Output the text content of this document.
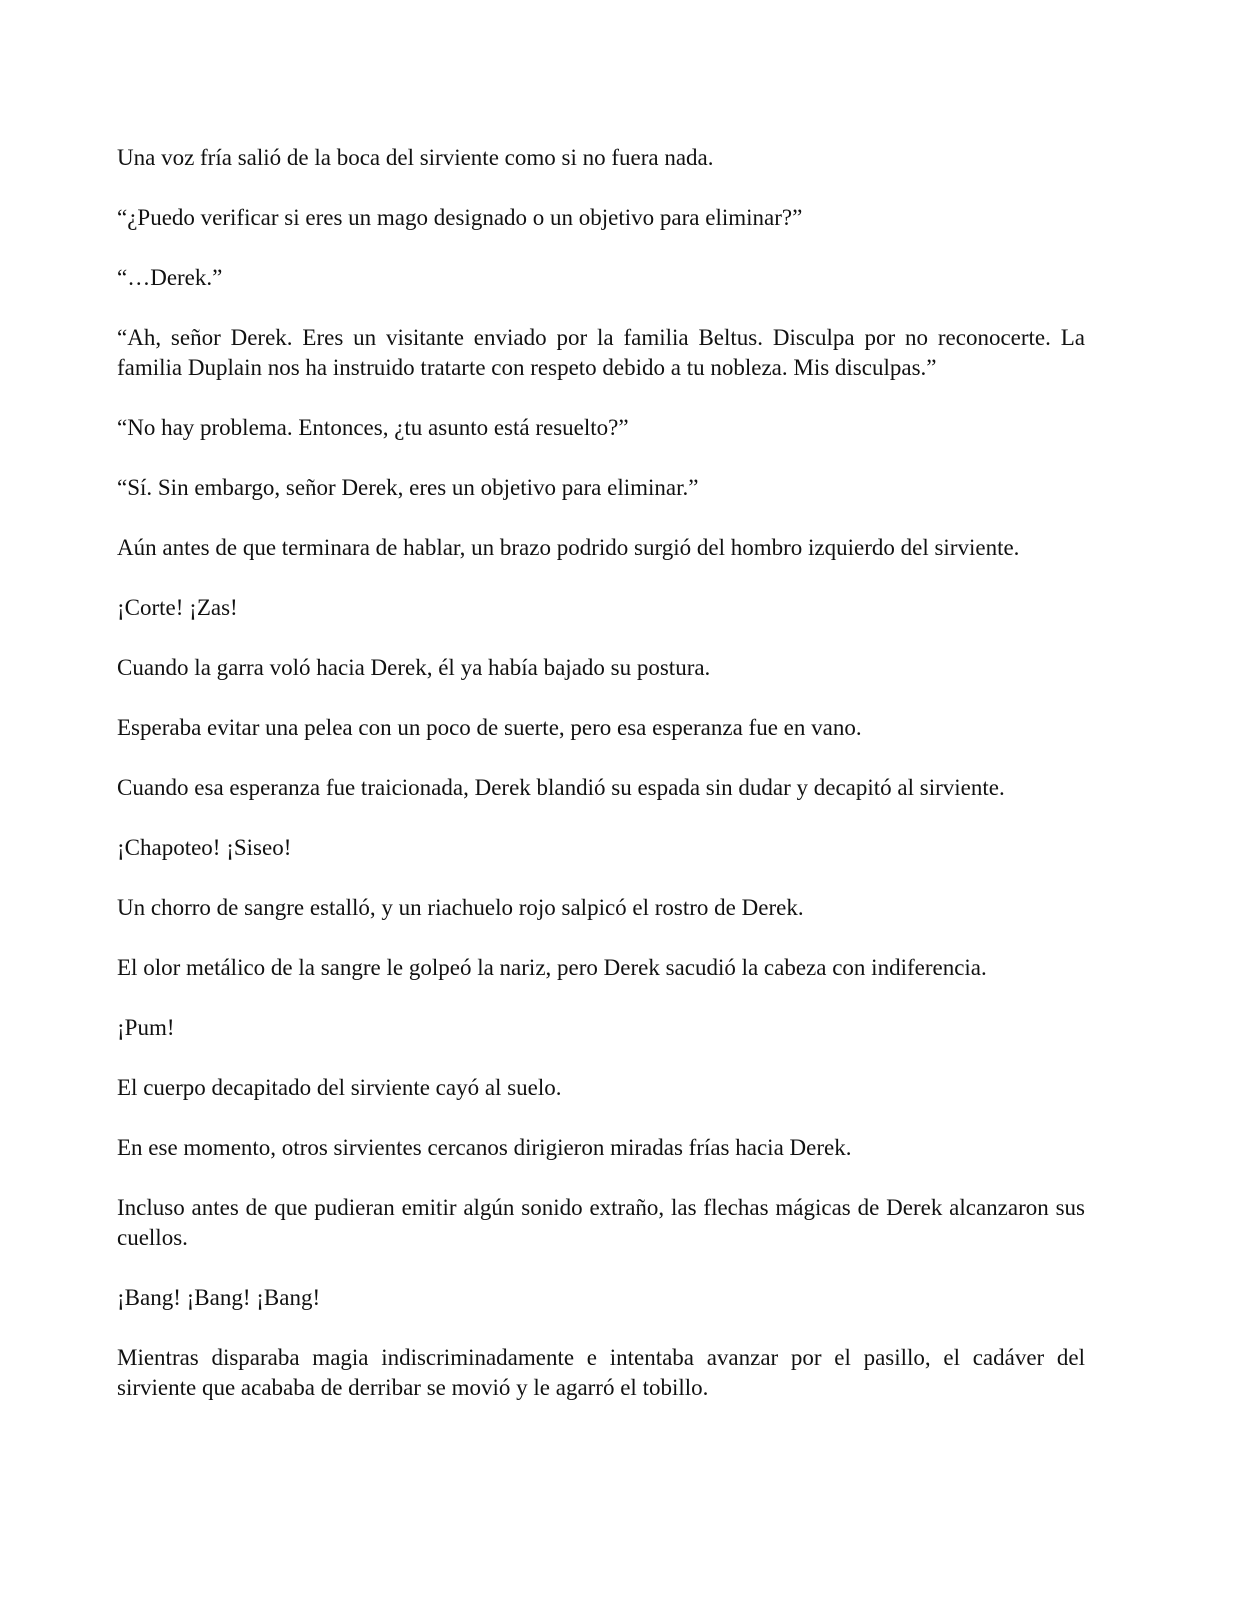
Una voz fría salió de la boca del sirviente como si no fuera nada.

“¿Puedo verificar si eres un mago designado o un objetivo para eliminar?”

“…Derek.”

“Ah, señor Derek. Eres un visitante enviado por la familia Beltus. Disculpa por no reconocerte. La familia Duplain nos ha instruido tratarte con respeto debido a tu nobleza. Mis disculpas.”

“No hay problema. Entonces, ¿tu asunto está resuelto?”

“Sí. Sin embargo, señor Derek, eres un objetivo para eliminar.”

Aún antes de que terminara de hablar, un brazo podrido surgió del hombro izquierdo del sirviente.

¡Corte! ¡Zas!

Cuando la garra voló hacia Derek, él ya había bajado su postura.

Esperaba evitar una pelea con un poco de suerte, pero esa esperanza fue en vano.

Cuando esa esperanza fue traicionada, Derek blandió su espada sin dudar y decapitó al sirviente.

¡Chapoteo! ¡Siseo!

Un chorro de sangre estalló, y un riachuelo rojo salpicó el rostro de Derek.

El olor metálico de la sangre le golpeó la nariz, pero Derek sacudió la cabeza con indiferencia.

¡Pum!

El cuerpo decapitado del sirviente cayó al suelo.

En ese momento, otros sirvientes cercanos dirigieron miradas frías hacia Derek.

Incluso antes de que pudieran emitir algún sonido extraño, las flechas mágicas de Derek alcanzaron sus cuellos.

¡Bang! ¡Bang! ¡Bang!

Mientras disparaba magia indiscriminadamente e intentaba avanzar por el pasillo, el cadáver del sirviente que acababa de derribar se movió y le agarró el tobillo.
